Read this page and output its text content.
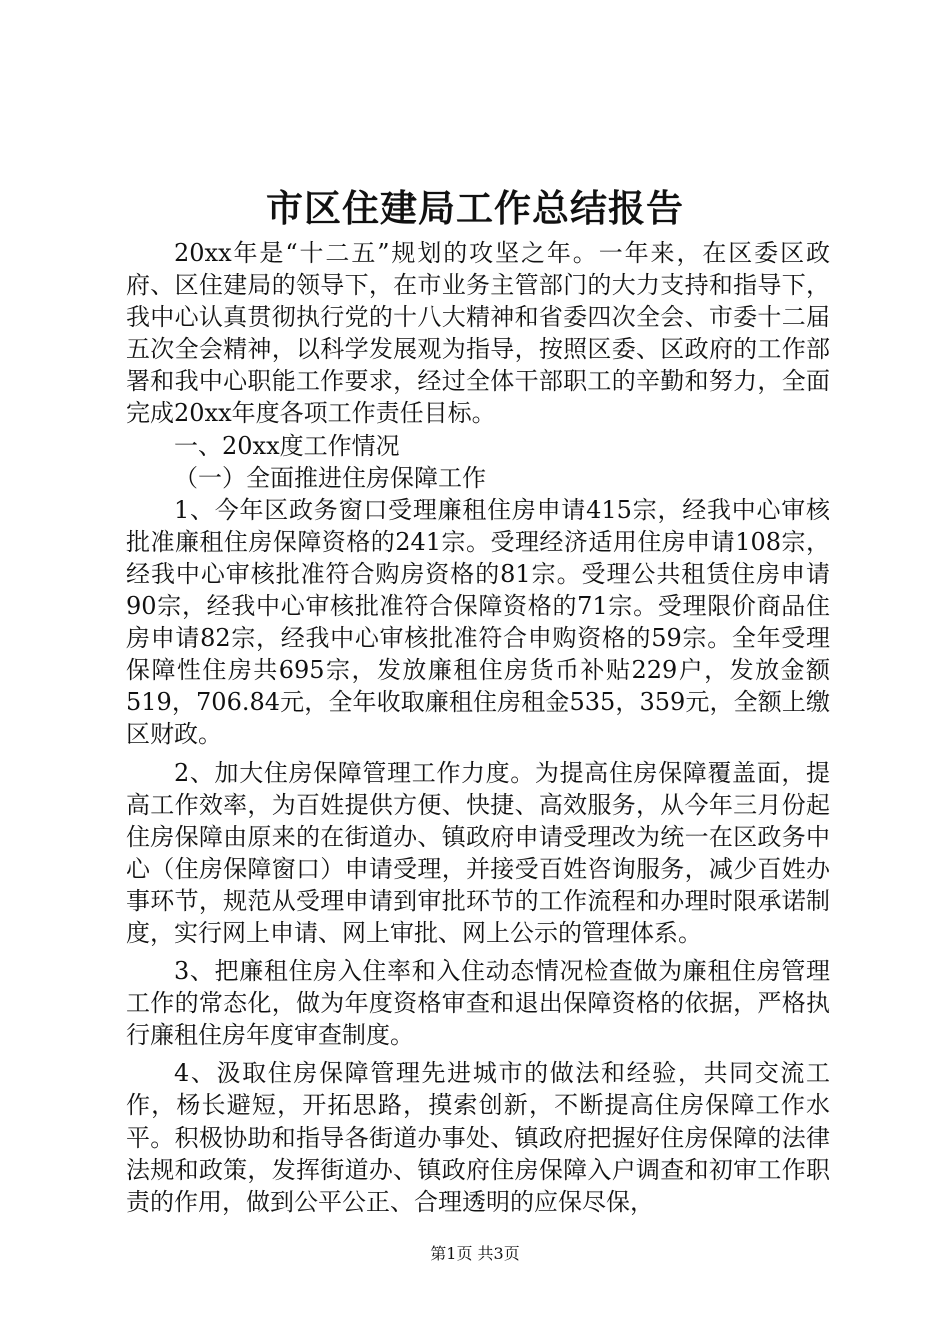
市区住建局工作总结报告

20xx年是“十二五”规划的攻坚之年。一年来，在区委区政府、区住建局的领导下，在市业务主管部门的大力支持和指导下，我中心认真贯彻执行党的十八大精神和省委四次全会、市委十二届五次全会精神，以科学发展观为指导，按照区委、区政府的工作部署和我中心职能工作要求，经过全体干部职工的辛勤和努力，全面完成20xx年度各项工作责任目标。

一、20xx度工作情况

（一）全面推进住房保障工作

1、今年区政务窗口受理廉租住房申请415宗，经我中心审核批准廉租住房保障资格的241宗。受理经济适用住房申请108宗，经我中心审核批准符合购房资格的81宗。受理公共租赁住房申请90宗，经我中心审核批准符合保障资格的71宗。受理限价商品住房申请82宗，经我中心审核批准符合申购资格的59宗。全年受理保障性住房共695宗，发放廉租住房货币补贴229户，发放金额519，706.84元，全年收取廉租住房租金535，359元，全额上缴区财政。

2、加大住房保障管理工作力度。为提高住房保障覆盖面，提高工作效率，为百姓提供方便、快捷、高效服务，从今年三月份起住房保障由原来的在街道办、镇政府申请受理改为统一在区政务中心（住房保障窗口）申请受理，并接受百姓咨询服务，减少百姓办事环节，规范从受理申请到审批环节的工作流程和办理时限承诺制度，实行网上申请、网上审批、网上公示的管理体系。

3、把廉租住房入住率和入住动态情况检查做为廉租住房管理工作的常态化，做为年度资格审查和退出保障资格的依据，严格执行廉租住房年度审查制度。

4、汲取住房保障管理先进城市的做法和经验，共同交流工作，杨长避短，开拓思路，摸索创新，不断提高住房保障工作水平。积极协助和指导各街道办事处、镇政府把握好住房保障的法律法规和政策，发挥街道办、镇政府住房保障入户调查和初审工作职责的作用，做到公平公正、合理透明的应保尽保，

第1页 共3页
